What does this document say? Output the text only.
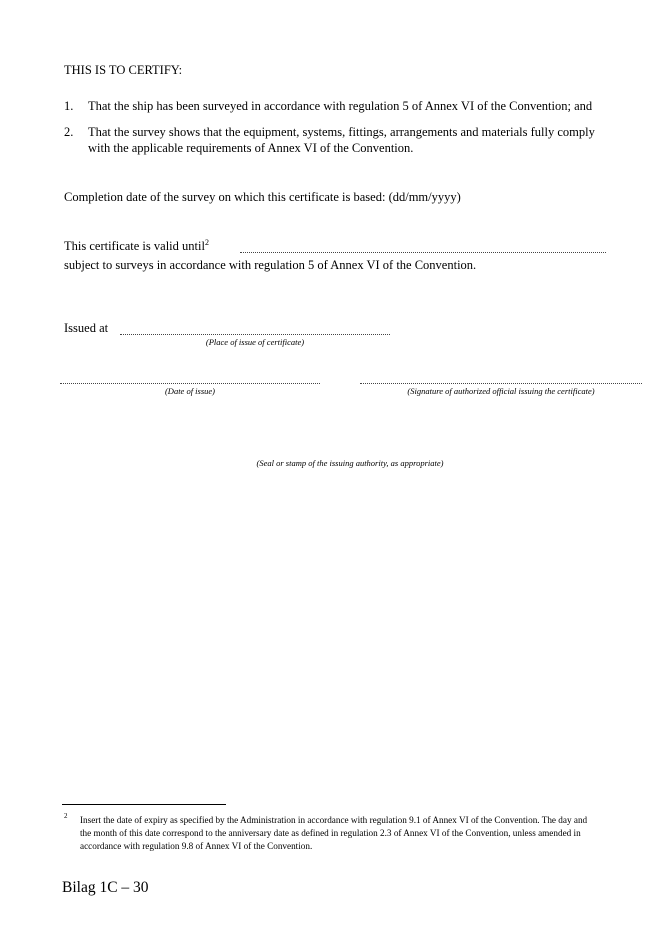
THIS IS TO CERTIFY:
1. That the ship has been surveyed in accordance with regulation 5 of Annex VI of the Convention; and
2. That the survey shows that the equipment, systems, fittings, arrangements and materials fully comply
with the applicable requirements of Annex VI of the Convention.
Completion date of the survey on which this certificate is based: (dd/mm/yyyy)
This certificate is valid until$^2$
subject to surveys in accordance with regulation 5 of Annex VI of the Convention.
Issued at
(Place of issue of certificate)
(Date of issue)	(Signature of authorized official issuing the certificate)
(Seal or stamp of the issuing authority, as appropriate)
2 Insert the date of expiry as specified by the Administration in accordance with regulation 9.1 of Annex VI of the Convention. The day and the month of this date correspond to the anniversary date as defined in regulation 2.3 of Annex VI of the Convention, unless amended in accordance with regulation 9.8 of Annex VI of the Convention.
Bilag 1C – 30
